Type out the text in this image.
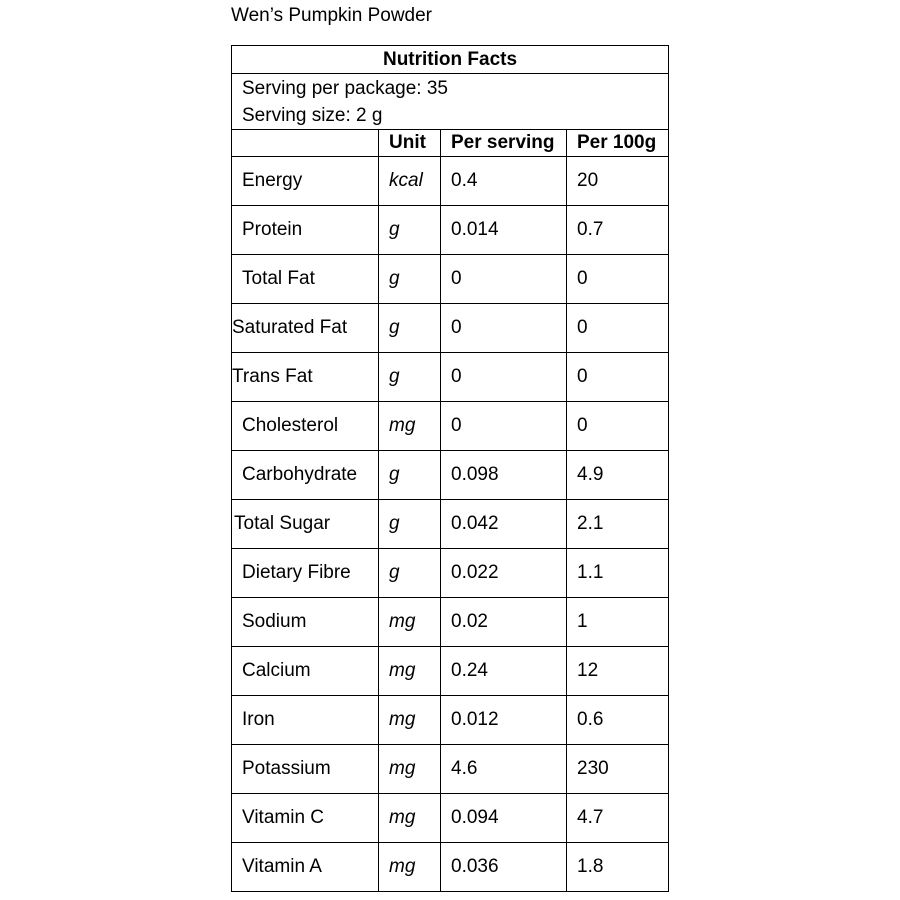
Wen’s Pumpkin Powder
Nutrition Facts			

Serving per package: 35
Serving size: 2 g			

	Unit	Per serving	Per 100g
Energy	kcal	0.4	20
Protein	g	0.014	0.7
Total Fat	g	0	0
Saturated Fat	g	0	0
Trans Fat	g	0	0
Cholesterol	mg	0	0
Carbohydrate	g	0.098	4.9
Total Sugar	g	0.042	2.1
Dietary Fibre	g	0.022	1.1
Sodium	mg	0.02	1
Calcium	mg	0.24	12
Iron	mg	0.012	0.6
Potassium	mg	4.6	230
Vitamin C	mg	0.094	4.7
Vitamin A	mg	0.036	1.8
